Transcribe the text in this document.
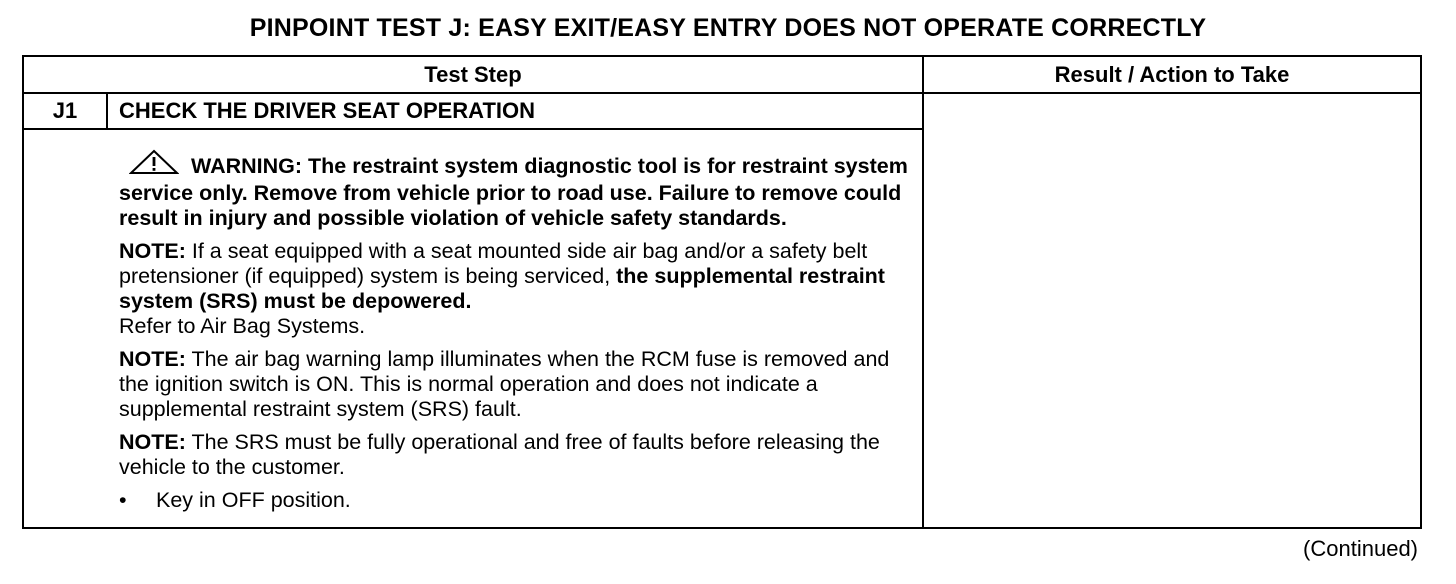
PINPOINT TEST J: EASY EXIT/EASY ENTRY DOES NOT OPERATE CORRECTLY
Test Step	Result / Action to Take
J1	CHECK THE DRIVER SEAT OPERATION
WARNING: The restraint system diagnostic tool is for restraint system service only. Remove from vehicle prior to road use. Failure to remove could result in injury and possible violation of vehicle safety standards.
NOTE: If a seat equipped with a seat mounted side air bag and/or a safety belt pretensioner (if equipped) system is being serviced, the supplemental restraint system (SRS) must be depowered.
Refer to Air Bag Systems.
NOTE: The air bag warning lamp illuminates when the RCM fuse is removed and the ignition switch is ON. This is normal operation and does not indicate a supplemental restraint system (SRS) fault.
NOTE: The SRS must be fully operational and free of faults before releasing the vehicle to the customer.
•	Key in OFF position.
(Continued)
